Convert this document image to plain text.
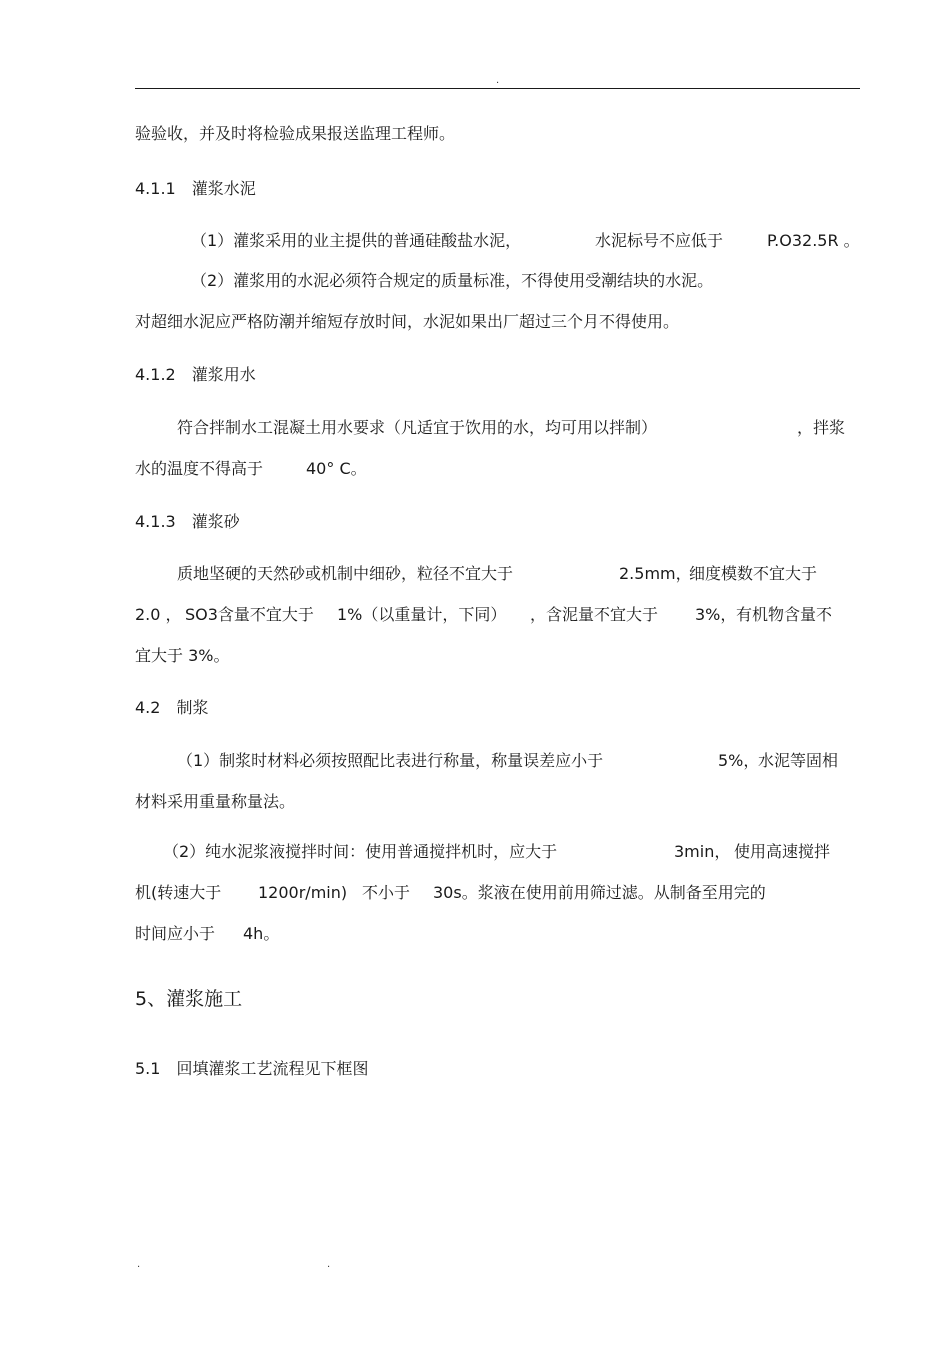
.
验验收，并及时将检验成果报送监理工程师。
4.1.1　灌浆水泥
（1）灌浆采用的业主提供的普通硅酸盐水泥，	水泥标号不应低于	P.O32.5R 。
（2）灌浆用的水泥必须符合规定的质量标准，不得使用受潮结块的水泥。
对超细水泥应严格防潮并缩短存放时间，水泥如果出厂超过三个月不得使用。
4.1.2　灌浆用水
符合拌制水工混凝土用水要求（凡适宜于饮用的水，均可用以拌制）	，拌浆
水的温度不得高于	40° C。
4.1.3　灌浆砂
质地坚硬的天然砂或机制中细砂，粒径不宜大于	2.5mm，
细度模数不宜大于
2.0 ， SO3含量不宜大于 1%（以重量计，下同） ，含泥量不宜大于 3%， 有机物含量不
宜大于 3%。
4.2　制浆
（1）制浆时材料必须按照配比表进行称量，称量误差应小于	5%，
水泥等固相
材料采用重量称量法。
（2）纯水泥浆液搅拌时间：使用普通搅拌机时，应大于	3min， 使用高速搅拌
机(转速大于 1200r/min) 不小于 30s。浆液在使用前用筛过滤。从制备至用完的
时间应小于 4h。
5、灌浆施工
5.1　回填灌浆工艺流程见下框图
.	.
